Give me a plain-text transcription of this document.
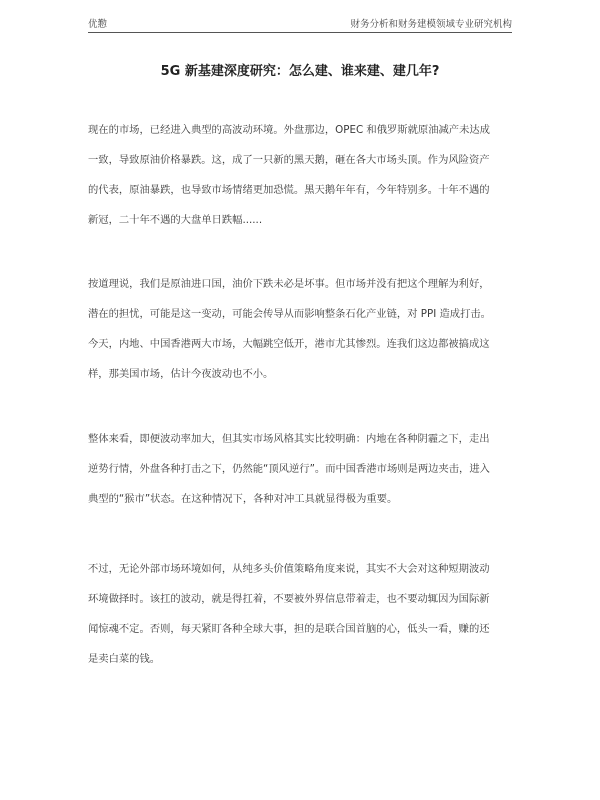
优懃	财务分析和财务建模领域专业研究机构
5G 新基建深度研究：怎么建、谁来建、建几年?

现在的市场，已经进入典型的高波动环境。外盘那边，OPEC 和俄罗斯就原油减产未达成
一致，导致原油价格暴跌。这，成了一只新的黑天鹅，砸在各大市场头顶。作为风险资产
的代表，原油暴跌，也导致市场情绪更加恐慌。黑天鹅年年有，今年特别多。十年不遇的
新冠，二十年不遇的大盘单日跌幅......

按道理说，我们是原油进口国，油价下跌未必是坏事。但市场并没有把这个理解为利好，
潜在的担忧，可能是这一变动，可能会传导从而影响整条石化产业链，对 PPI 造成打击。
今天，内地、中国香港两大市场，大幅跳空低开，港市尤其惨烈。连我们这边都被搞成这
样，那美国市场，估计今夜波动也不小。

整体来看，即便波动率加大，但其实市场风格其实比较明确：内地在各种阴霾之下，走出
逆势行情，外盘各种打击之下，仍然能“顶风逆行”。而中国香港市场则是两边夹击，进入
典型的“猴市”状态。在这种情况下，各种对冲工具就显得极为重要。

不过，无论外部市场环境如何，从纯多头价值策略角度来说，其实不大会对这种短期波动
环境做择时。该扛的波动，就是得扛着，不要被外界信息带着走，也不要动辄因为国际新
闻惊魂不定。否则，每天紧盯各种全球大事，担的是联合国首脑的心，低头一看，赚的还
是卖白菜的钱。
